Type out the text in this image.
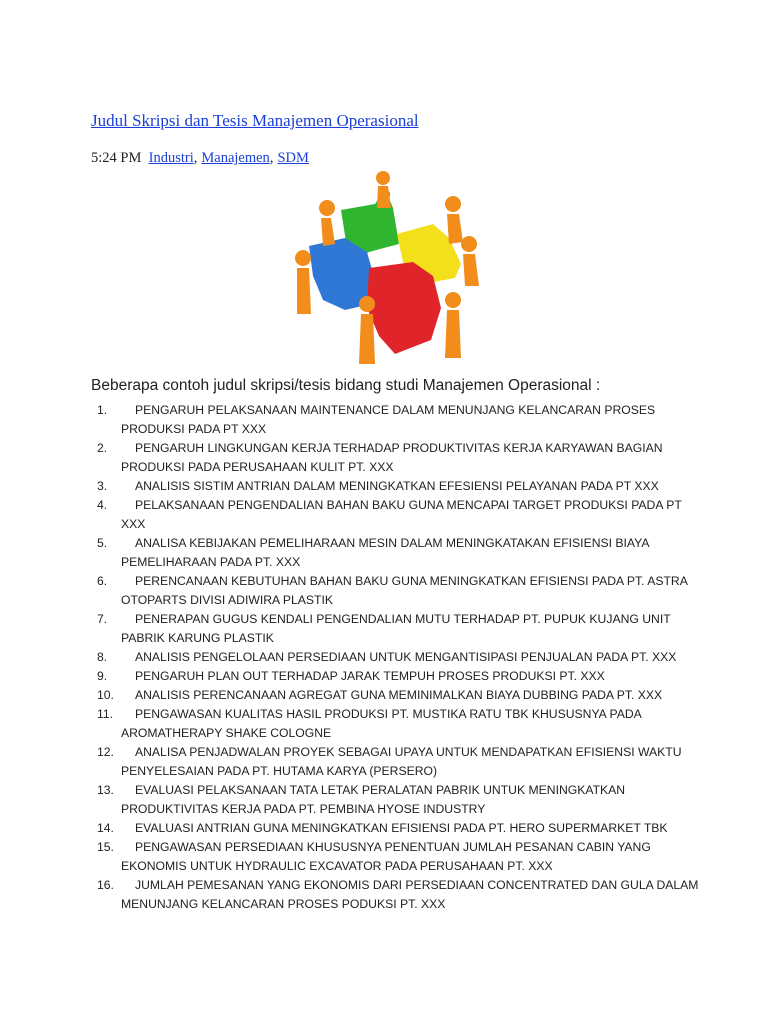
Judul Skripsi dan Tesis Manajemen Operasional
5:24 PM Industri, Manajemen, SDM

Beberapa contoh judul skripsi/tesis bidang studi Manajemen Operasional :

1.	PENGARUH PELAKSANAAN MAINTENANCE DALAM MENUNJANG KELANCARAN PROSES PRODUKSI PADA PT XXX
2.	PENGARUH LINGKUNGAN KERJA TERHADAP PRODUKTIVITAS KERJA KARYAWAN BAGIAN PRODUKSI PADA PERUSAHAAN KULIT PT. XXX
3.	ANALISIS SISTIM ANTRIAN DALAM MENINGKATKAN EFESIENSI PELAYANAN PADA PT XXX
4.	PELAKSANAAN PENGENDALIAN BAHAN BAKU GUNA MENCAPAI TARGET PRODUKSI PADA PT XXX
5.	ANALISA KEBIJAKAN PEMELIHARAAN MESIN DALAM MENINGKATAKAN EFISIENSI BIAYA PEMELIHARAAN PADA PT. XXX
6.	PERENCANAAN KEBUTUHAN BAHAN BAKU GUNA MENINGKATKAN EFISIENSI PADA PT. ASTRA OTOPARTS DIVISI ADIWIRA PLASTIK
7.	PENERAPAN GUGUS KENDALI PENGENDALIAN MUTU TERHADAP PT. PUPUK KUJANG UNIT PABRIK KARUNG PLASTIK
8.	ANALISIS PENGELOLAAN PERSEDIAAN UNTUK MENGANTISIPASI PENJUALAN PADA PT. XXX
9.	PENGARUH PLAN OUT TERHADAP JARAK TEMPUH PROSES PRODUKSI PT. XXX
10.	ANALISIS PERENCANAAN AGREGAT GUNA MEMINIMALKAN BIAYA DUBBING PADA PT. XXX
11.	PENGAWASAN KUALITAS HASIL PRODUKSI PT. MUSTIKA RATU TBK KHUSUSNYA PADA AROMATHERAPY SHAKE COLOGNE
12.	ANALISA PENJADWALAN PROYEK SEBAGAI UPAYA UNTUK MENDAPATKAN EFISIENSI WAKTU PENYELESAIAN PADA PT. HUTAMA KARYA (PERSERO)
13.	EVALUASI PELAKSANAAN TATA LETAK PERALATAN PABRIK UNTUK MENINGKATKAN PRODUKTIVITAS KERJA PADA PT. PEMBINA HYOSE INDUSTRY
14.	EVALUASI ANTRIAN GUNA MENINGKATKAN EFISIENSI PADA PT. HERO SUPERMARKET TBK
15.	PENGAWASAN PERSEDIAAN KHUSUSNYA PENENTUAN JUMLAH PESANAN CABIN YANG EKONOMIS UNTUK HYDRAULIC EXCAVATOR PADA PERUSAHAAN PT. XXX
16.	JUMLAH PEMESANAN YANG EKONOMIS DARI PERSEDIAAN CONCENTRATED DAN GULA DALAM MENUNJANG KELANCARAN PROSES PODUKSI PT. XXX
